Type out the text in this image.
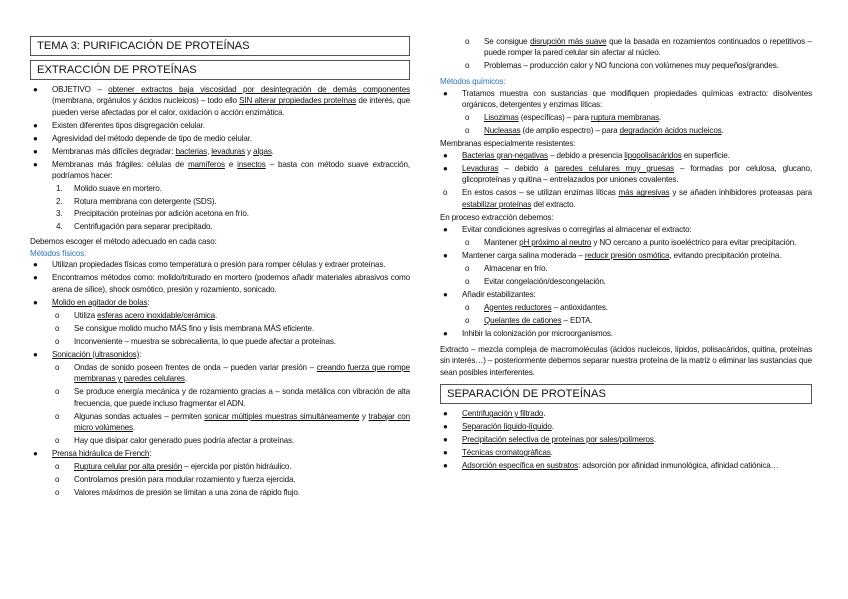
TEMA 3: PURIFICACIÓN DE PROTEÍNAS
EXTRACCIÓN DE PROTEÍNAS
● OBJETIVO – obtener extractos baja viscosidad por desintegración de demás componentes (membrana, orgánulos y ácidos nucleicos) – todo ello SIN alterar propiedades proteínas de interés, que pueden verse afectadas por el calor, oxidación o acción enzimática.
● Existen diferentes tipos disgregación celular.
● Agresividad del método depende de tipo de medio celular.
● Membranas más difíciles degradar: bacterias, levaduras y algas.
● Membranas más frágiles: células de mamíferos e insectos – basta con método suave extracción, podríamos hacer:
1. Molido suave en mortero.
2. Rotura membrana con detergente (SDS).
3. Precipitación proteínas por adición acetona en frío.
4. Centrifugación para separar precipitado.

Debemos escoger el método adecuado en cada caso:

Métodos físicos:

● Utilizan propiedades físicas como temperatura o presión para romper células y extraer proteínas.
● Encontramos métodos como: molido/triturado en mortero (podemos añadir materiales abrasivos como arena de sílice), shock osmótico, presión y rozamiento, sonicado.
● Molido en agitador de bolas:
o Utiliza esferas acero inoxidable/cerámica.
o Se consigue molido mucho MÁS fino y lisis membrana MÁS eficiente.
o Inconveniente – muestra se sobrecalienta, lo que puede afectar a proteínas.
● Sonicación (ultrasonidos):
o Ondas de sonido poseen frentes de onda – pueden variar presión – creando fuerza que rompe membranas y paredes celulares.
o Se produce energía mecánica y de rozamiento gracias a – sonda metálica con vibración de alta frecuencia, que puede incluso fragmentar el ADN.
o Algunas sondas actuales – permiten sonicar múltiples muestras simultáneamente y trabajar con micro volúmenes.
o Hay que disipar calor generado pues podría afectar a proteínas.
● Prensa hidráulica de French:
o Ruptura celular por alta presión – ejercida por pistón hidráulico.
o Controlamos presión para modular rozamiento y fuerza ejercida.
o Valores máximos de presión se limitan a una zona de rápido flujo.
o Se consigue disrupción más suave que la basada en rozamientos continuados o repetitivos – puede romper la pared celular sin afectar al núcleo.
o Problemas – producción calor y NO funciona con volúmenes muy pequeños/grandes.

Métodos químicos:

● Tratamos muestra con sustancias que modifiquen propiedades químicas extracto: disolventes orgánicos, detergentes y enzimas líticas:
o Lisozimas (específicas) – para ruptura membranas.
o Nucleasas (de amplio espectro) – para degradación ácidos nucleicos.

Membranas especialmente resistentes:

● Bacterias gran-negativas – debido a presencia lipopolisacáridos en superficie.
● Levaduras – debido a paredes celulares muy gruesas – formadas por celulosa, glucano, glicoproteínas y quitina – entrelazados por uniones covalentes.
o En estos casos – se utilizan enzimas líticas más agresivas y se añaden inhibidores proteasas para estabilizar proteínas del extracto.

En proceso extracción debemos:

● Evitar condiciones agresivas o corregirlas al almacenar el extracto:
o Mantener pH próximo al neutro y NO cercano a punto isoeléctrico para evitar precipitación.
● Mantener carga salina moderada – reducir presión osmótica, evitando precipitación proteína.
o Almacenar en frío.
o Evitar congelación/descongelación.
● Añadir estabilizantes:
o Agentes reductores – antioxidantes.
o Quelantes de cationes – EDTA.
● Inhibir la colonización por microorganismos.

Extracto – mezcla compleja de macromoléculas (ácidos nucleicos, lípidos, polisacáridos, quitina, proteínas sin interés…) – posteriormente debemos separar nuestra proteína de la matriz o eliminar las sustancias que sean posibles interferentes.

SEPARACIÓN DE PROTEÍNAS
● Centrifugación y filtrado.
● Separación líquido-líquido.
● Precipitación selectiva de proteínas por sales/polímeros.
● Técnicas cromatográficas.
● Adsorción específica en sustratos: adsorción por afinidad inmunológica, afinidad catiónica…
